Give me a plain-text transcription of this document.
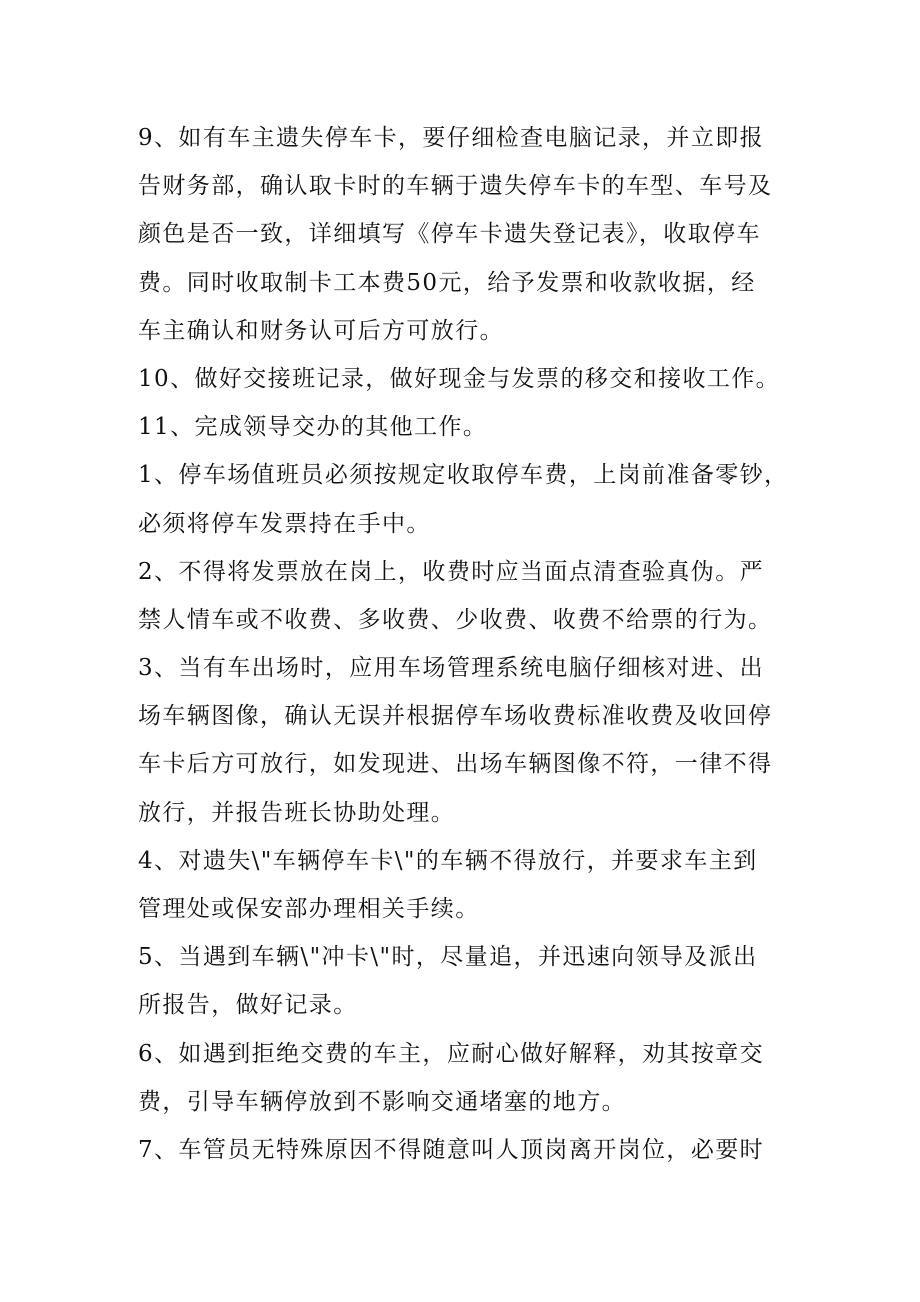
9、如有车主遗失停车卡，要仔细检查电脑记录，并立即报
告财务部，确认取卡时的车辆于遗失停车卡的车型、车号及
颜色是否一致，详细填写《停车卡遗失登记表》，收取停车
费。同时收取制卡工本费50元，给予发票和收款收据，经
车主确认和财务认可后方可放行。
10、做好交接班记录，做好现金与发票的移交和接收工作。
11、完成领导交办的其他工作。
1、停车场值班员必须按规定收取停车费，上岗前准备零钞，
必须将停车发票持在手中。
2、不得将发票放在岗上，收费时应当面点清查验真伪。严
禁人情车或不收费、多收费、少收费、收费不给票的行为。
3、当有车出场时，应用车场管理系统电脑仔细核对进、出
场车辆图像，确认无误并根据停车场收费标准收费及收回停
车卡后方可放行，如发现进、出场车辆图像不符，一律不得
放行，并报告班长协助处理。
4、对遗失\"车辆停车卡\"的车辆不得放行，并要求车主到
管理处或保安部办理相关手续。
5、当遇到车辆\"冲卡\"时，尽量追，并迅速向领导及派出
所报告，做好记录。
6、如遇到拒绝交费的车主，应耐心做好解释，劝其按章交
费，引导车辆停放到不影响交通堵塞的地方。
7、车管员无特殊原因不得随意叫人顶岗离开岗位，必要时
